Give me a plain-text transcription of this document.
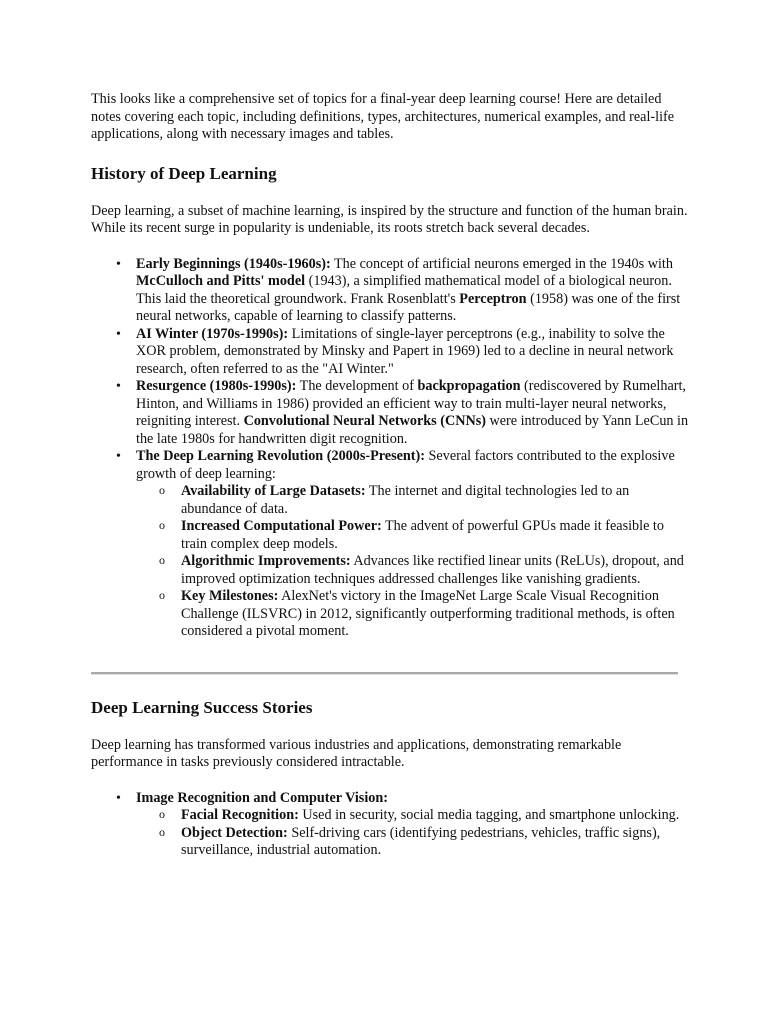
This looks like a comprehensive set of topics for a final-year deep learning course! Here are detailed notes covering each topic, including definitions, types, architectures, numerical examples, and real-life applications, along with necessary images and tables.

History of Deep Learning

Deep learning, a subset of machine learning, is inspired by the structure and function of the human brain. While its recent surge in popularity is undeniable, its roots stretch back several decades.

• Early Beginnings (1940s-1960s): The concept of artificial neurons emerged in the 1940s with McCulloch and Pitts' model (1943), a simplified mathematical model of a biological neuron. This laid the theoretical groundwork. Frank Rosenblatt's Perceptron (1958) was one of the first neural networks, capable of learning to classify patterns.
• AI Winter (1970s-1990s): Limitations of single-layer perceptrons (e.g., inability to solve the XOR problem, demonstrated by Minsky and Papert in 1969) led to a decline in neural network research, often referred to as the "AI Winter."
• Resurgence (1980s-1990s): The development of backpropagation (rediscovered by Rumelhart, Hinton, and Williams in 1986) provided an efficient way to train multi-layer neural networks, reigniting interest. Convolutional Neural Networks (CNNs) were introduced by Yann LeCun in the late 1980s for handwritten digit recognition.
• The Deep Learning Revolution (2000s-Present): Several factors contributed to the explosive growth of deep learning:
o Availability of Large Datasets: The internet and digital technologies led to an abundance of data.
o Increased Computational Power: The advent of powerful GPUs made it feasible to train complex deep models.
o Algorithmic Improvements: Advances like rectified linear units (ReLUs), dropout, and improved optimization techniques addressed challenges like vanishing gradients.
o Key Milestones: AlexNet's victory in the ImageNet Large Scale Visual Recognition Challenge (ILSVRC) in 2012, significantly outperforming traditional methods, is often considered a pivotal moment.
Deep Learning Success Stories

Deep learning has transformed various industries and applications, demonstrating remarkable performance in tasks previously considered intractable.

• Image Recognition and Computer Vision:
o Facial Recognition: Used in security, social media tagging, and smartphone unlocking.
o Object Detection: Self-driving cars (identifying pedestrians, vehicles, traffic signs), surveillance, industrial automation.
